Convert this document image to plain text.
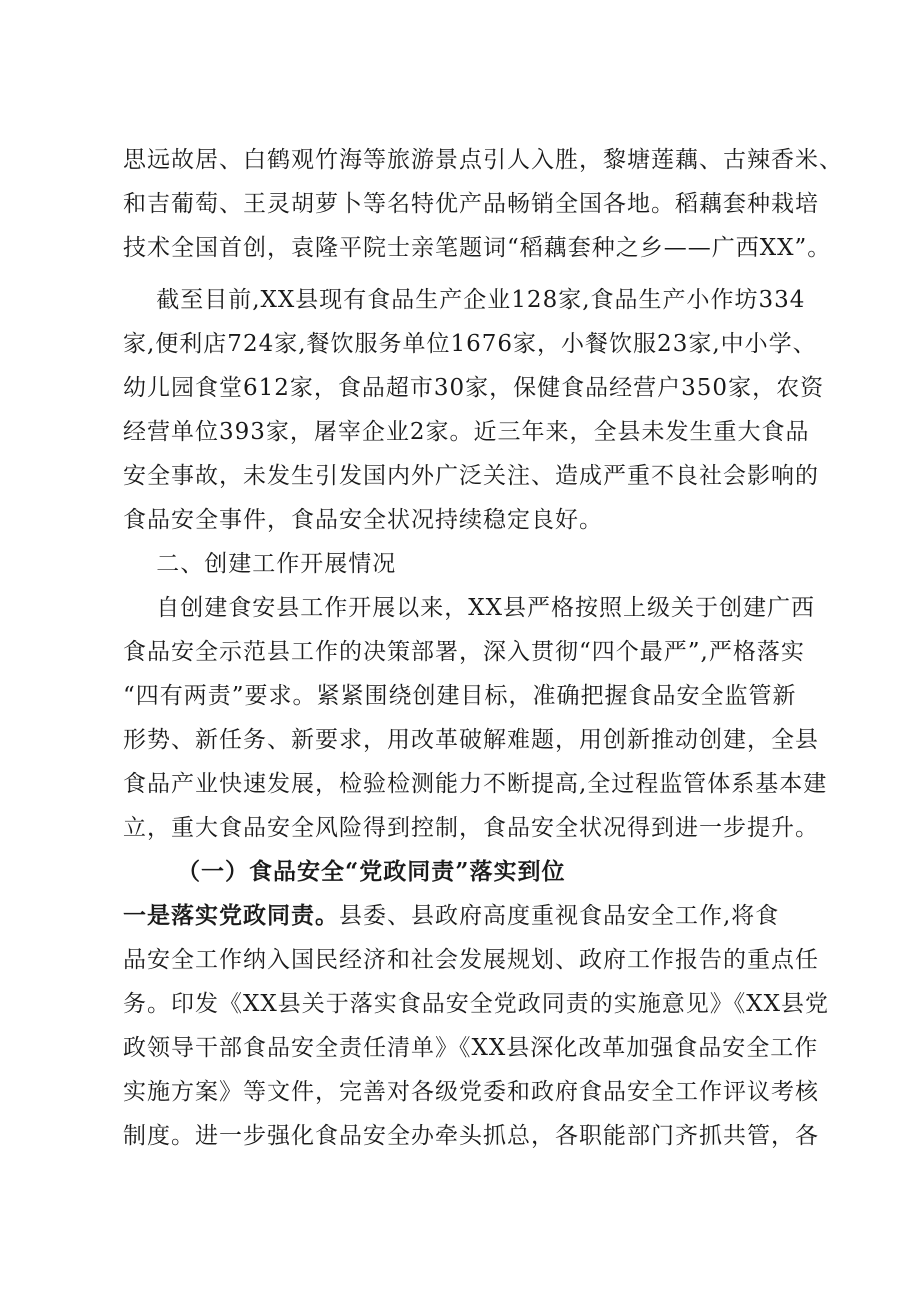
思远故居、白鹤观竹海等旅游景点引人入胜，黎塘莲藕、古辣香米、
和吉葡萄、王灵胡萝卜等名特优产品畅销全国各地。稻藕套种栽培
技术全国首创，袁隆平院士亲笔题词“稻藕套种之乡——广西XX”。
截至目前,XX县现有食品生产企业128家,食品生产小作坊334
家,便利店724家,餐饮服务单位1676家，小餐饮服23家,中小学、
幼儿园食堂612家，食品超市30家，保健食品经营户350家，农资
经营单位393家，屠宰企业2家。近三年来，全县未发生重大食品
安全事故，未发生引发国内外广泛关注、造成严重不良社会影响的
食品安全事件，食品安全状况持续稳定良好。
二、创建工作开展情况
自创建食安县工作开展以来，XX县严格按照上级关于创建广西
食品安全示范县工作的决策部署，深入贯彻“四个最严”,严格落实
“四有两责”要求。紧紧围绕创建目标，准确把握食品安全监管新
形势、新任务、新要求，用改革破解难题，用创新推动创建，全县
食品产业快速发展，检验检测能力不断提高,全过程监管体系基本建
立，重大食品安全风险得到控制，食品安全状况得到进一步提升。
（一）食品安全“党政同责”落实到位
一是落实党政同责。县委、县政府高度重视食品安全工作,将食
品安全工作纳入国民经济和社会发展规划、政府工作报告的重点任
务。印发《XX县关于落实食品安全党政同责的实施意见》《XX县党
政领导干部食品安全责任清单》《XX县深化改革加强食品安全工作
实施方案》等文件，完善对各级党委和政府食品安全工作评议考核
制度。进一步强化食品安全办牵头抓总，各职能部门齐抓共管，各
